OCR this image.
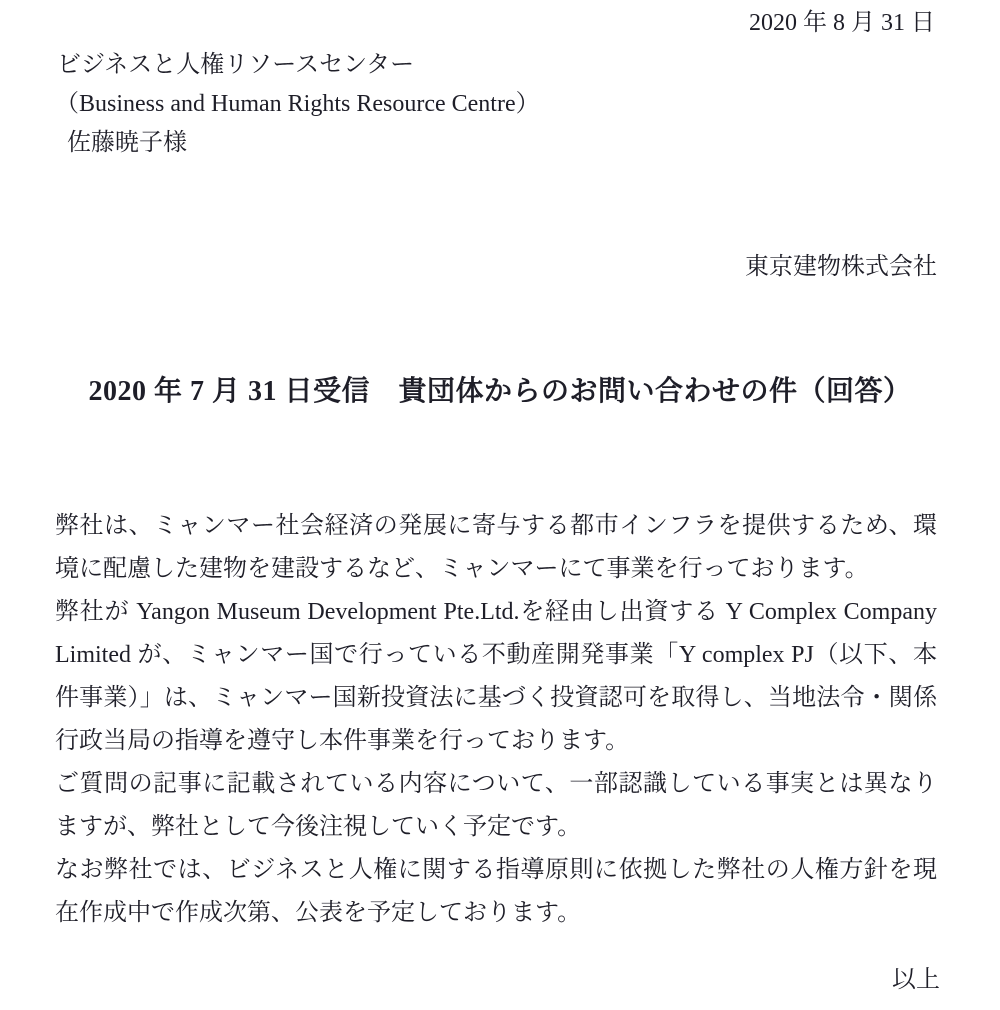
2020 年 8 月 31 日
ビジネスと人権リソースセンター
（Business and Human Rights Resource Centre）
佐藤暁子様
東京建物株式会社
2020 年 7 月 31 日受信　貴団体からのお問い合わせの件（回答）

弊社は、ミャンマー社会経済の発展に寄与する都市インフラを提供するため、環境に配慮した建物を建設するなど、ミャンマーにて事業を行っております。

弊社が Yangon Museum Development Pte.Ltd.を経由し出資する Y Complex Company Limited が、ミャンマー国で行っている不動産開発事業「Y complex PJ（以下、本件事業）」は、ミャンマー国新投資法に基づく投資認可を取得し、当地法令・関係行政当局の指導を遵守し本件事業を行っております。

ご質問の記事に記載されている内容について、一部認識している事実とは異なりますが、弊社として今後注視していく予定です。

なお弊社では、ビジネスと人権に関する指導原則に依拠した弊社の人権方針を現在作成中で作成次第、公表を予定しております。

以上
